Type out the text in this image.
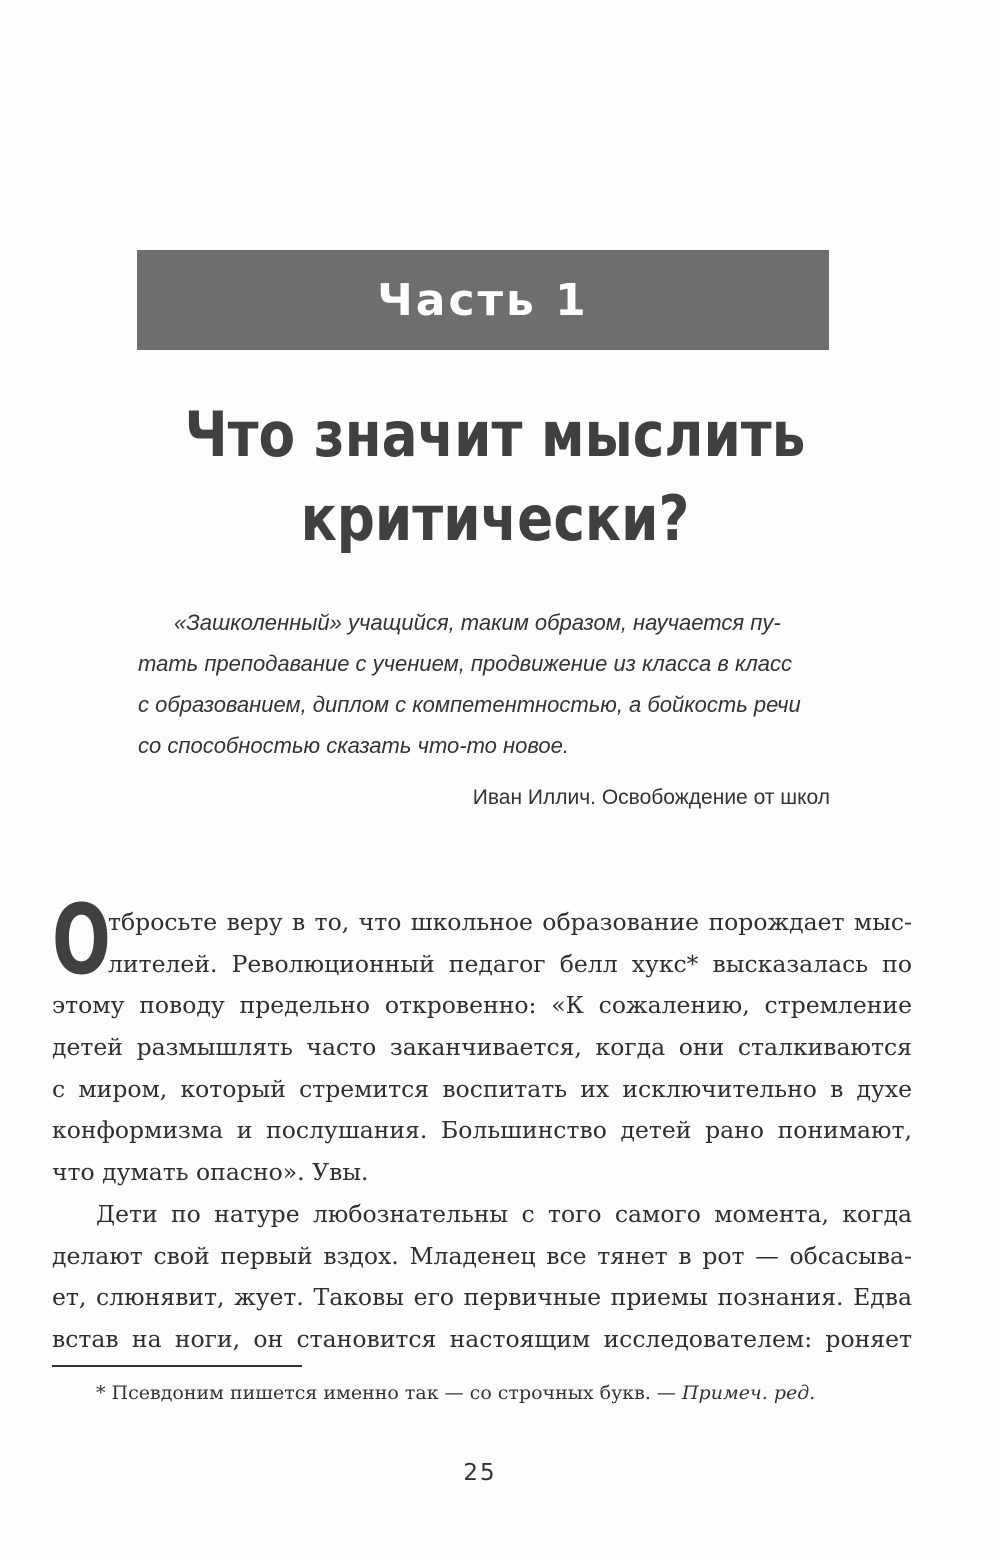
Часть 1
Что значит мыслить
критически?
«Зашколенный» учащийся, таким образом, научается пу-
тать преподавание с учением, продвижение из класса в класс
с образованием, диплом с компетентностью, а бойкость речи
со способностью сказать что-то новое.
Иван Иллич. Освобождение от школ
О
тбросьте веру в то, что школьное образование порождает мыс-
лителей. Революционный педагог белл хукс* высказалась по
этому поводу предельно откровенно: «К сожалению, стремление
детей размышлять часто заканчивается, когда они сталкиваются
с миром, который стремится воспитать их исключительно в духе
конформизма и послушания. Большинство детей рано понимают,
что думать опасно». Увы.
Дети по натуре любознательны с того самого момента, когда
делают свой первый вздох. Младенец все тянет в рот — обсасыва-
ет, слюнявит, жует. Таковы его первичные приемы познания. Едва
встав на ноги, он становится настоящим исследователем: роняет
* Псевдоним пишется именно так — со строчных букв. — Примеч. ред.
25
